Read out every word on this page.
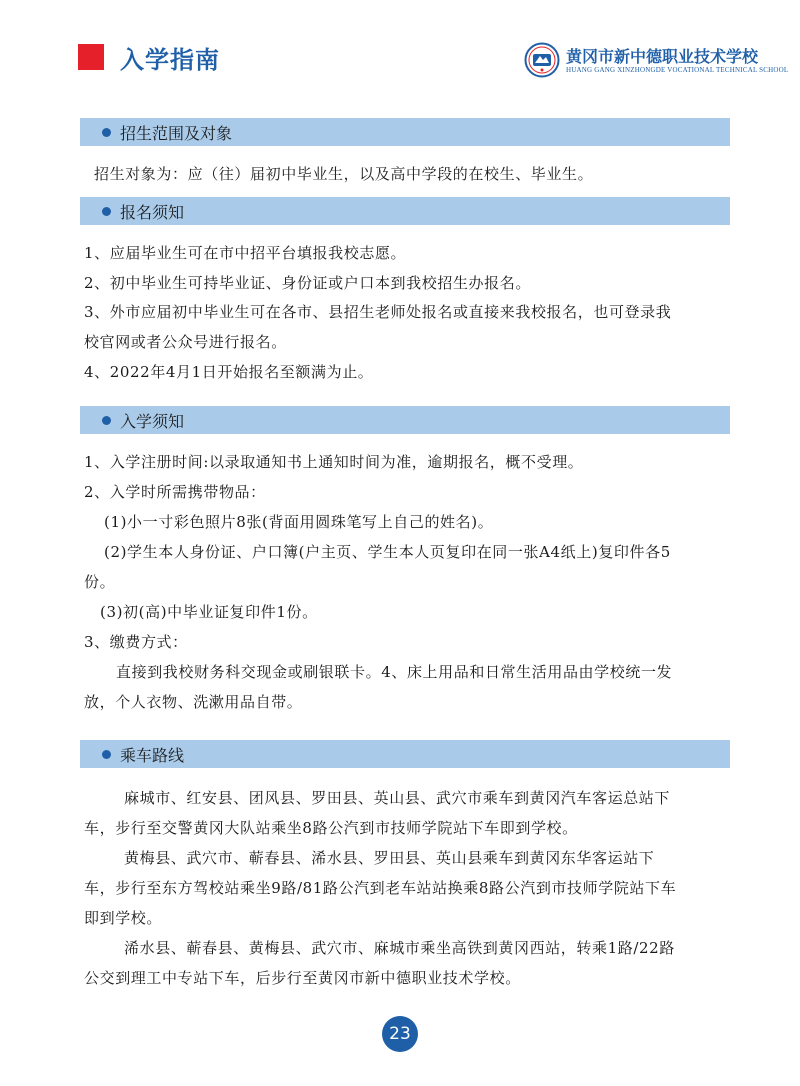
入学指南	黄冈市新中德职业技术学校
HUANG GANG XINZHONGDE VOCATIONAL TECHNICAL SCHOOL
招生范围及对象
招生对象为：应（往）届初中毕业生，以及高中学段的在校生、毕业生。
报名须知
1、应届毕业生可在市中招平台填报我校志愿。
2、初中毕业生可持毕业证、身份证或户口本到我校招生办报名。
3、外市应届初中毕业生可在各市、县招生老师处报名或直接来我校报名，也可登录我
校官网或者公众号进行报名。
4、2022年4月1日开始报名至额满为止。
入学须知
1、入学注册时间:以录取通知书上通知时间为准，逾期报名，概不受理。
2、入学时所需携带物品：
(1)小一寸彩色照片8张(背面用圆珠笔写上自己的姓名)。
(2)学生本人身份证、户口簿(户主页、学生本人页复印在同一张A4纸上)复印件各5
份。
(3)初(高)中毕业证复印件1份。
3、缴费方式：
直接到我校财务科交现金或刷银联卡。4、床上用品和日常生活用品由学校统一发
放，个人衣物、洗漱用品自带。
乘车路线
麻城市、红安县、团风县、罗田县、英山县、武穴市乘车到黄冈汽车客运总站下
车，步行至交警黄冈大队站乘坐8路公汽到市技师学院站下车即到学校。
黄梅县、武穴市、蕲春县、浠水县、罗田县、英山县乘车到黄冈东华客运站下
车，步行至东方驾校站乘坐9路/81路公汽到老车站站换乘8路公汽到市技师学院站下车
即到学校。
浠水县、蕲春县、黄梅县、武穴市、麻城市乘坐高铁到黄冈西站，转乘1路/22路
公交到理工中专站下车，后步行至黄冈市新中德职业技术学校。
23
